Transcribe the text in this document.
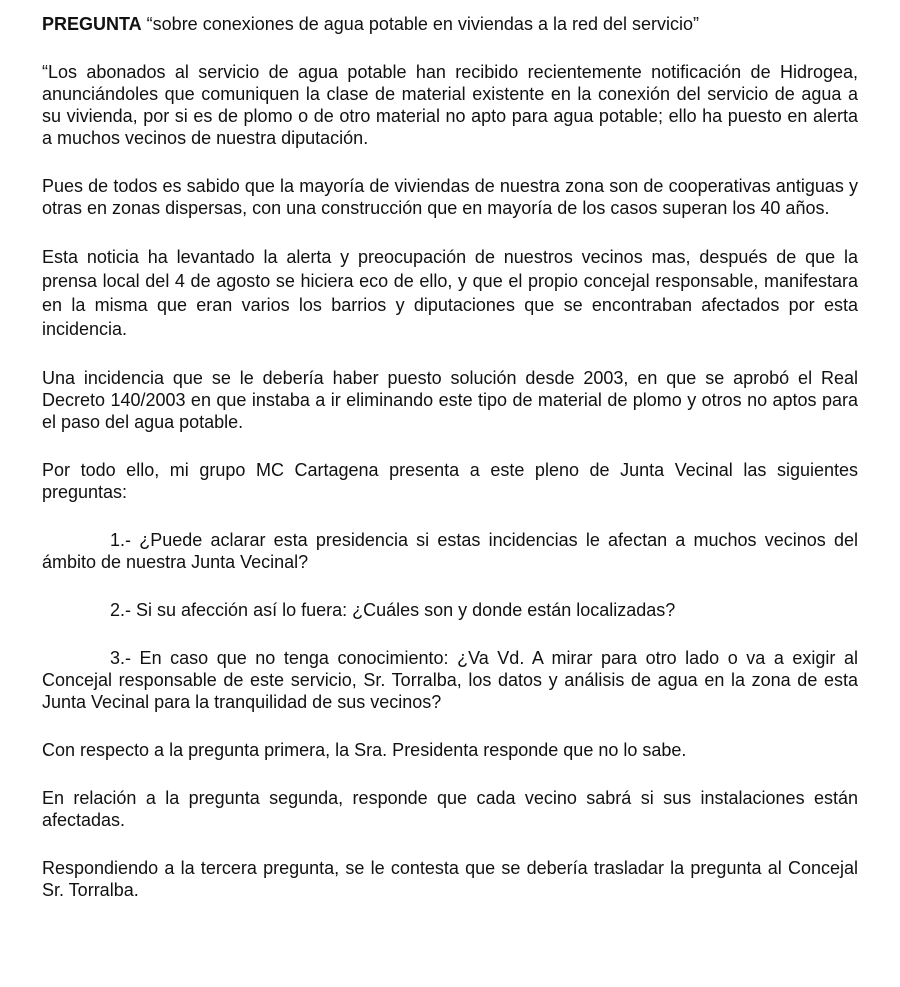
PREGUNTA “sobre conexiones de agua potable en viviendas a la red del servicio”

“Los abonados al servicio de agua potable han recibido recientemente notificación de Hidrogea, anunciándoles que comuniquen la clase de material existente en la conexión del servicio de agua a su vivienda, por si es de plomo o de otro material no apto para agua potable; ello ha puesto en alerta a muchos vecinos de nuestra diputación.

Pues de todos es sabido que la mayoría de viviendas de nuestra zona son de cooperativas antiguas y otras en zonas dispersas, con una construcción que en mayoría de los casos superan los 40 años.

Esta noticia ha levantado la alerta y preocupación de nuestros vecinos mas, después de que la prensa local del 4 de agosto se hiciera eco de ello, y que el propio concejal responsable, manifestara en la misma que eran varios los barrios y diputaciones que se encontraban afectados por esta incidencia.

Una incidencia que se le debería haber puesto solución desde 2003, en que se aprobó el Real Decreto 140/2003 en que instaba a ir eliminando este tipo de material de plomo y otros no aptos para el paso del agua potable.

Por todo ello, mi grupo MC Cartagena presenta a este pleno de Junta Vecinal las siguientes preguntas:

1.- ¿Puede aclarar esta presidencia si estas incidencias le afectan a muchos vecinos del ámbito de nuestra Junta Vecinal?

2.- Si su afección así lo fuera: ¿Cuáles son y donde están localizadas?

3.- En caso que no tenga conocimiento: ¿Va Vd. A mirar para otro lado o va a exigir al Concejal responsable de este servicio, Sr. Torralba, los datos y análisis de agua en la zona de esta Junta Vecinal para la tranquilidad de sus vecinos?

Con respecto a la pregunta primera, la Sra. Presidenta responde que no lo sabe.

En relación a la pregunta segunda, responde que cada vecino sabrá si sus instalaciones están afectadas.

Respondiendo a la tercera pregunta, se le contesta que se debería trasladar la pregunta al Concejal Sr. Torralba.
